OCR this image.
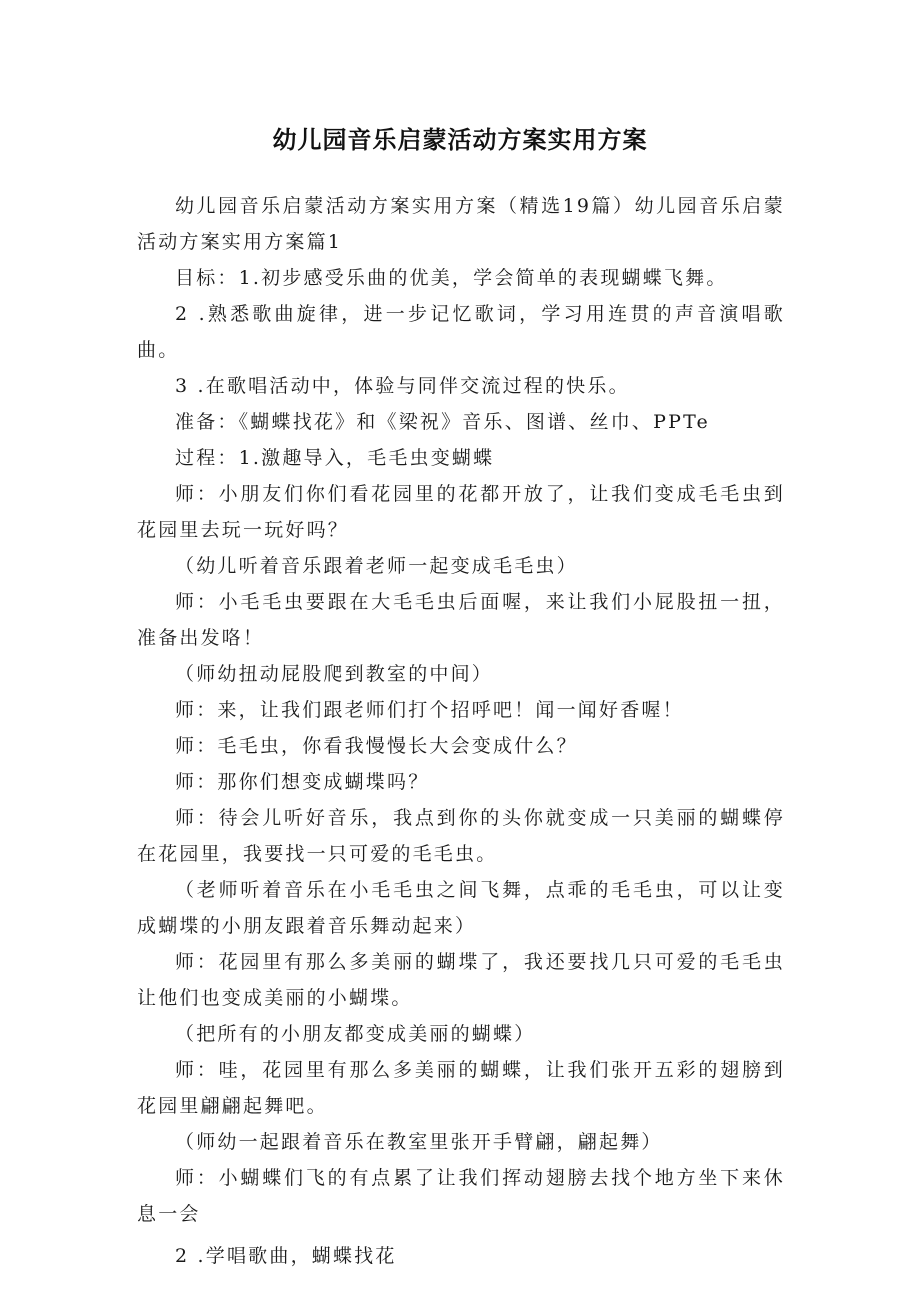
幼儿园音乐启蒙活动方案实用方案

幼儿园音乐启蒙活动方案实用方案（精选19篇）幼儿园音乐启蒙活动方案实用方案篇1

目标：1.初步感受乐曲的优美，学会简单的表现蝴蝶飞舞。

2 .熟悉歌曲旋律，进一步记忆歌词，学习用连贯的声音演唱歌曲。

3 .在歌唱活动中，体验与同伴交流过程的快乐。

准备：《蝴蝶找花》和《梁祝》音乐、图谱、丝巾、PPTe

过程：1.激趣导入，毛毛虫变蝴蝶

师：小朋友们你们看花园里的花都开放了，让我们变成毛毛虫到花园里去玩一玩好吗？

（幼儿听着音乐跟着老师一起变成毛毛虫）

师：小毛毛虫要跟在大毛毛虫后面喔，来让我们小屁股扭一扭，准备出发咯！

（师幼扭动屁股爬到教室的中间）

师：来，让我们跟老师们打个招呼吧！闻一闻好香喔！

师：毛毛虫，你看我慢慢长大会变成什么？

师：那你们想变成蝴堞吗？

师：待会儿听好音乐，我点到你的头你就变成一只美丽的蝴蝶停在花园里，我要找一只可爱的毛毛虫。

（老师听着音乐在小毛毛虫之间飞舞，点乖的毛毛虫，可以让变成蝴堞的小朋友跟着音乐舞动起来）

师：花园里有那么多美丽的蝴堞了，我还要找几只可爱的毛毛虫让他们也变成美丽的小蝴堞。

（把所有的小朋友都变成美丽的蝴蝶）

师：哇，花园里有那么多美丽的蝴蝶，让我们张开五彩的翅膀到花园里翩翩起舞吧。

（师幼一起跟着音乐在教室里张开手臂翩，翩起舞）

师：小蝴蝶们飞的有点累了让我们挥动翅膀去找个地方坐下来休息一会

2 .学唱歌曲，蝴蝶找花
